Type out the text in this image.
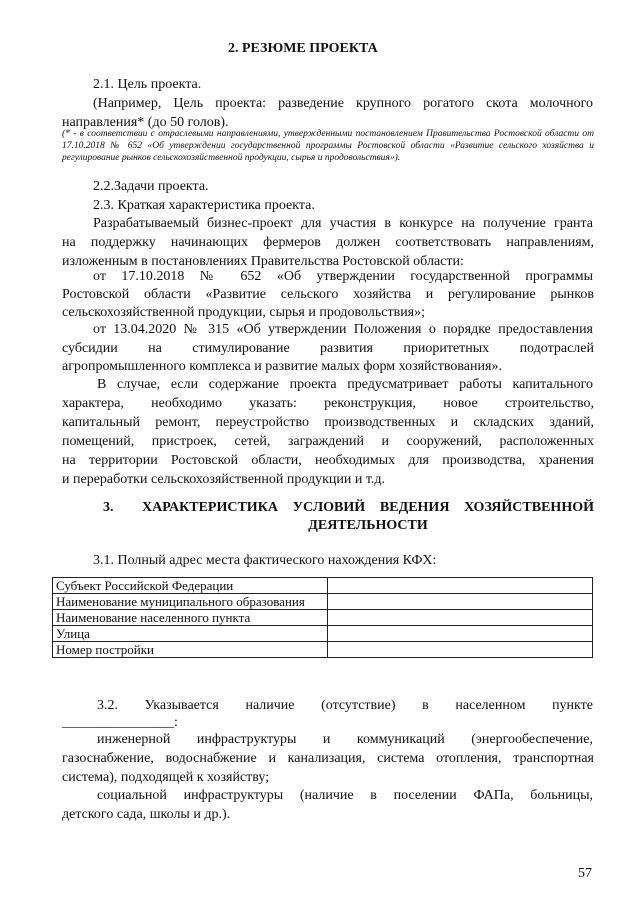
2. РЕЗЮМЕ ПРОЕКТА
2.1. Цель проекта.
(Например, Цель проекта: разведение крупного рогатого скота молочного
направления* (до 50 голов).
(* - в соответствии с отраслевыми направлениями, утвержденными постановлением Правительства Ростовской области от 17.10.2018 № 652 «Об утверждении государственной программы Ростовской области «Развитие сельского хозяйства и регулирование рынков сельскохозяйственной продукции, сырья и продовольствия»).
2.2.Задачи проекта.
2.3. Краткая характеристика проекта.
Разрабатываемый бизнес-проект для участия в конкурсе на получение гранта
на поддержку начинающих фермеров должен соответствовать направлениям,
изложенным в постановлениях Правительства Ростовской области:
от 17.10.2018 № 652 «Об утверждении государственной программы
Ростовской области «Развитие сельского хозяйства и регулирование рынков
сельскохозяйственной продукции, сырья и продовольствия»;
от 13.04.2020 № 315 «Об утверждении Положения о порядке предоставления
субсидии на стимулирование развития приоритетных подотраслей
агропромышленного комплекса и развитие малых форм хозяйствования».
В случае, если содержание проекта предусматривает работы капитального
характера, необходимо указать: реконструкция, новое строительство,
капитальный ремонт, переустройство производственных и складских зданий,
помещений, пристроек, сетей, заграждений и сооружений, расположенных
на территории Ростовской области, необходимых для производства, хранения
и переработки сельскохозяйственной продукции и т.д.
3. ХАРАКТЕРИСТИКА УСЛОВИЙ ВЕДЕНИЯ ХОЗЯЙСТВЕННОЙ
ДЕЯТЕЛЬНОСТИ
3.1. Полный адрес места фактического нахождения КФХ:
Субъект Российской Федерации	
Наименование муниципального образования	
Наименование населенного пункта	
Улица	
Номер постройки	
3.2. Указывается наличие (отсутствие) в населенном пункте
________________:
инженерной инфраструктуры и коммуникаций (энергообеспечение,
газоснабжение, водоснабжение и канализация, система отопления, транспортная
система), подходящей к хозяйству;
социальной инфраструктуры (наличие в поселении ФАПа, больницы,
детского сада, школы и др.).
57
